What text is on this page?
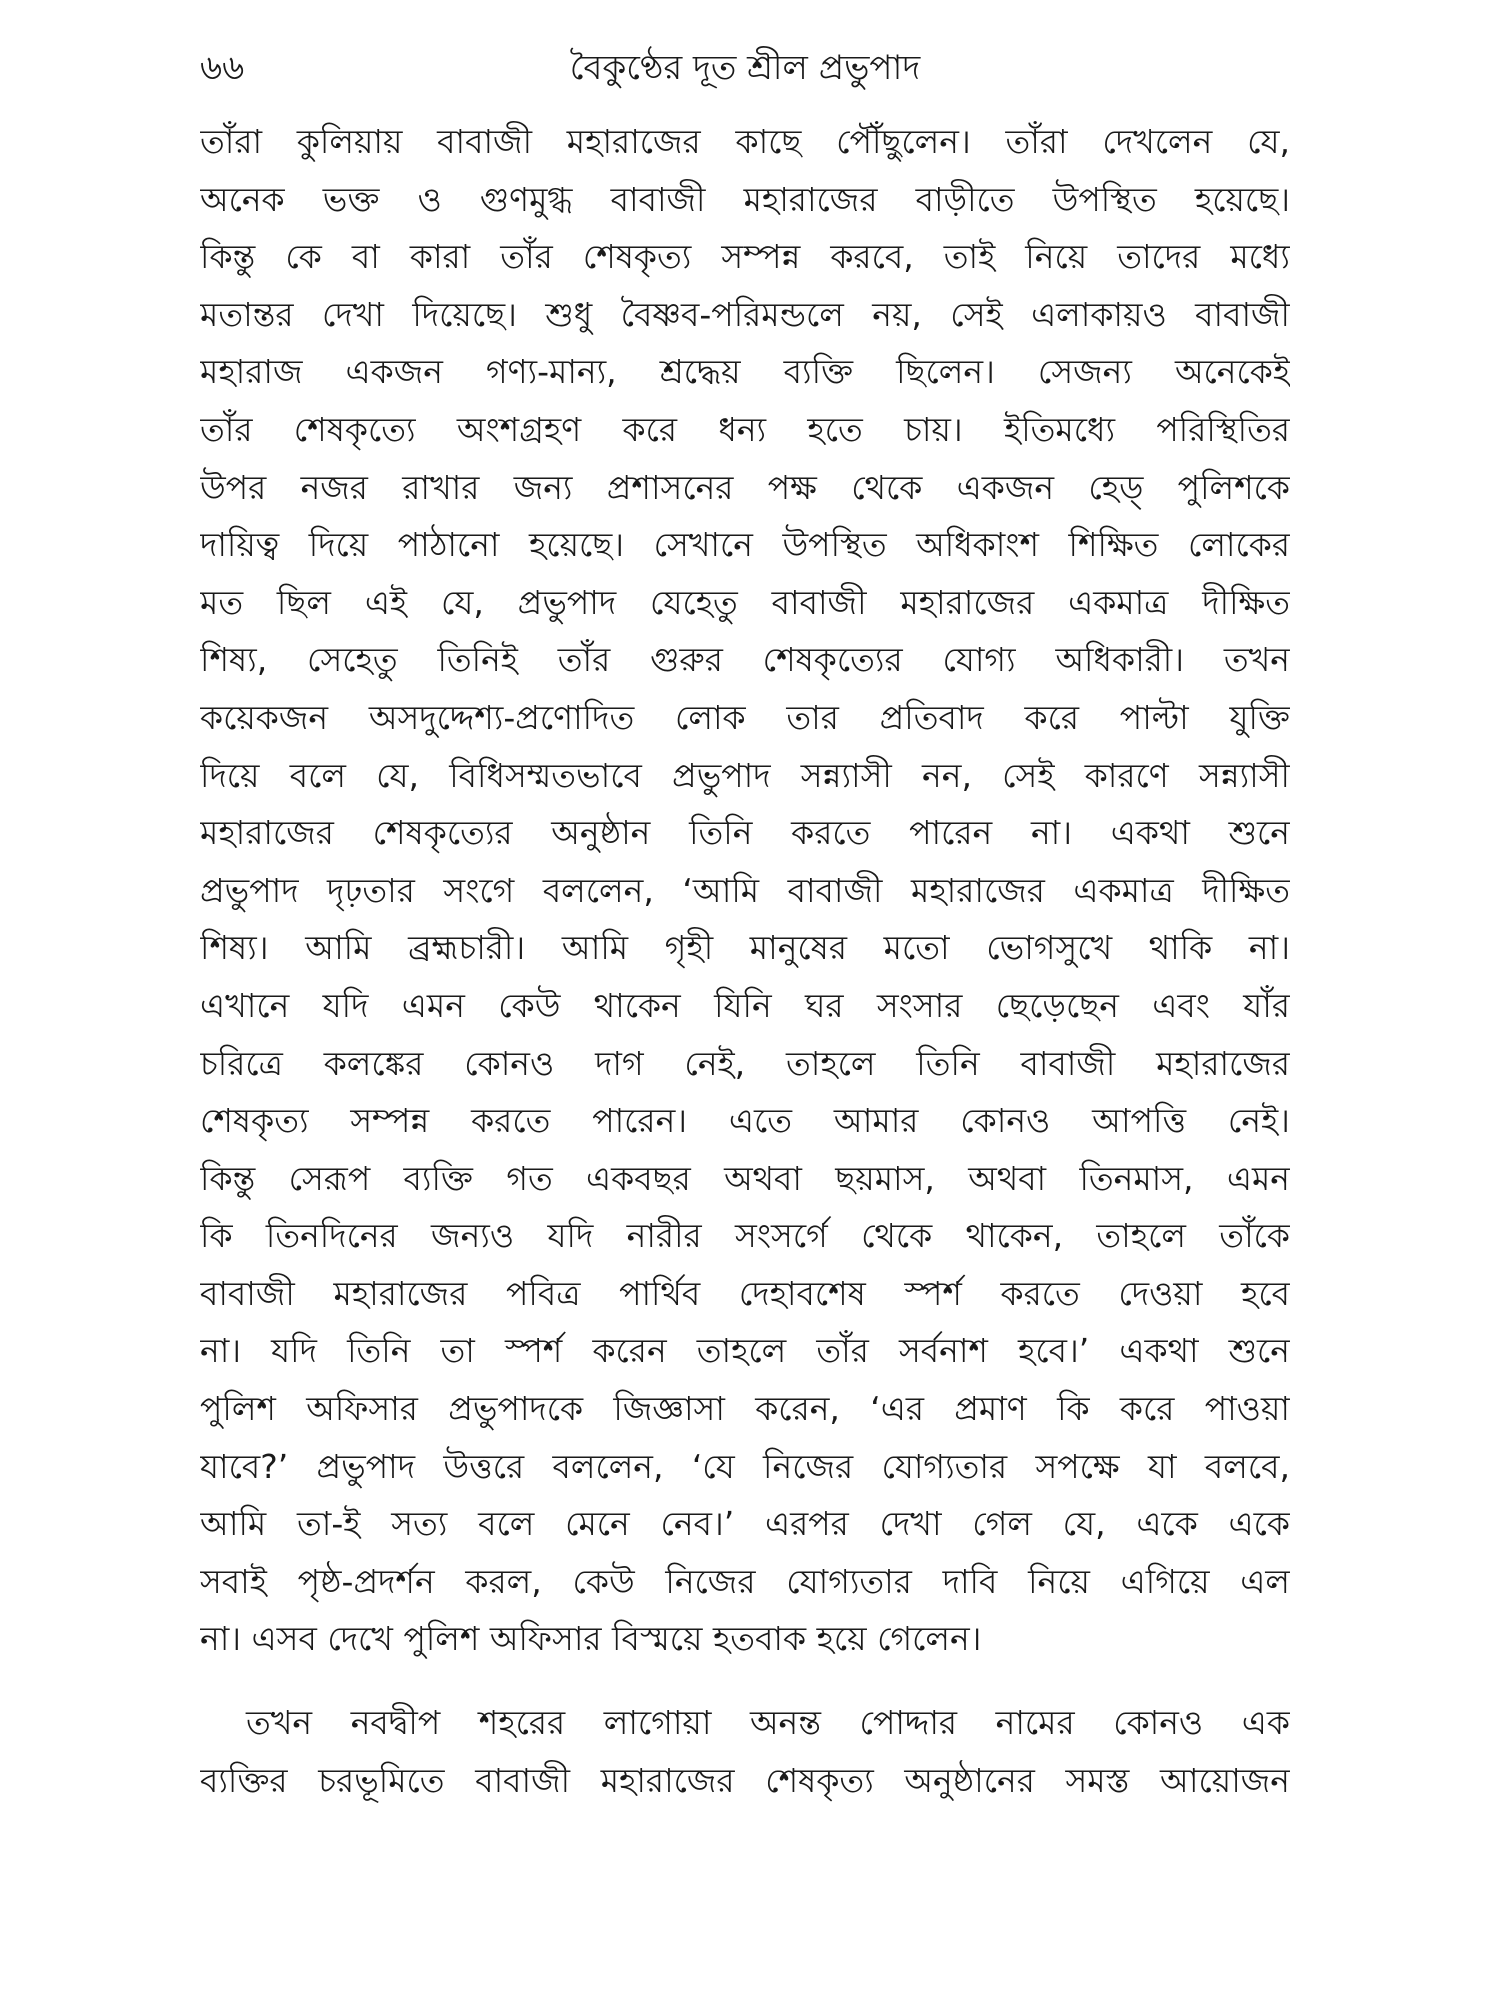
৬৬	বৈকুণ্ঠের দূত শ্রীল প্রভুপাদ
তাঁরা কুলিয়ায় বাবাজী মহারাজের কাছে পৌঁছুলেন। তাঁরা দেখলেন যে,
অনেক ভক্ত ও গুণমুগ্ধ বাবাজী মহারাজের বাড়ীতে উপস্থিত হয়েছে।
কিন্তু কে বা কারা তাঁর শেষকৃত্য সম্পন্ন করবে, তাই নিয়ে তাদের মধ্যে
মতান্তর দেখা দিয়েছে। শুধু বৈষ্ণব-পরিমন্ডলে নয়, সেই এলাকায়ও বাবাজী
মহারাজ একজন গণ্য-মান্য, শ্রদ্ধেয় ব্যক্তি ছিলেন। সেজন্য অনেকেই
তাঁর শেষকৃত্যে অংশগ্রহণ করে ধন্য হতে চায়। ইতিমধ্যে পরিস্থিতির
উপর নজর রাখার জন্য প্রশাসনের পক্ষ থেকে একজন হেড্‌ পুলিশকে
দায়িত্ব দিয়ে পাঠানো হয়েছে। সেখানে উপস্থিত অধিকাংশ শিক্ষিত লোকের
মত ছিল এই যে, প্রভুপাদ যেহেতু বাবাজী মহারাজের একমাত্র দীক্ষিত
শিষ্য, সেহেতু তিনিই তাঁর গুরুর শেষকৃত্যের যোগ্য অধিকারী। তখন
কয়েকজন অসদুদ্দেশ্য-প্রণোদিত লোক তার প্রতিবাদ করে পাল্টা যুক্তি
দিয়ে বলে যে, বিধিসম্মতভাবে প্রভুপাদ সন্ন্যাসী নন, সেই কারণে সন্ন্যাসী
মহারাজের শেষকৃত্যের অনুষ্ঠান তিনি করতে পারেন না। একথা শুনে
প্রভুপাদ দৃঢ়তার সংগে বললেন, ‘আমি বাবাজী মহারাজের একমাত্র দীক্ষিত
শিষ্য। আমি ব্রহ্মচারী। আমি গৃহী মানুষের মতো ভোগসুখে থাকি না।
এখানে যদি এমন কেউ থাকেন যিনি ঘর সংসার ছেড়েছেন এবং যাঁর
চরিত্রে কলঙ্কের কোনও দাগ নেই, তাহলে তিনি বাবাজী মহারাজের
শেষকৃত্য সম্পন্ন করতে পারেন। এতে আমার কোনও আপত্তি নেই।
কিন্তু সেরূপ ব্যক্তি গত একবছর অথবা ছয়মাস, অথবা তিনমাস, এমন
কি তিনদিনের জন্যও যদি নারীর সংসর্গে থেকে থাকেন, তাহলে তাঁকে
বাবাজী মহারাজের পবিত্র পার্থিব দেহাবশেষ স্পর্শ করতে দেওয়া হবে
না। যদি তিনি তা স্পর্শ করেন তাহলে তাঁর সর্বনাশ হবে।’ একথা শুনে
পুলিশ অফিসার প্রভুপাদকে জিজ্ঞাসা করেন, ‘এর প্রমাণ কি করে পাওয়া
যাবে?’ প্রভুপাদ উত্তরে বললেন, ‘যে নিজের যোগ্যতার সপক্ষে যা বলবে,
আমি তা-ই সত্য বলে মেনে নেব।’ এরপর দেখা গেল যে, একে একে
সবাই পৃষ্ঠ-প্রদর্শন করল, কেউ নিজের যোগ্যতার দাবি নিয়ে এগিয়ে এল
না। এসব দেখে পুলিশ অফিসার বিস্ময়ে হতবাক হয়ে গেলেন।
তখন নবদ্বীপ শহরের লাগোয়া অনন্ত পোদ্দার নামের কোনও এক
ব্যক্তির চরভূমিতে বাবাজী মহারাজের শেষকৃত্য অনুষ্ঠানের সমস্ত আয়োজন
